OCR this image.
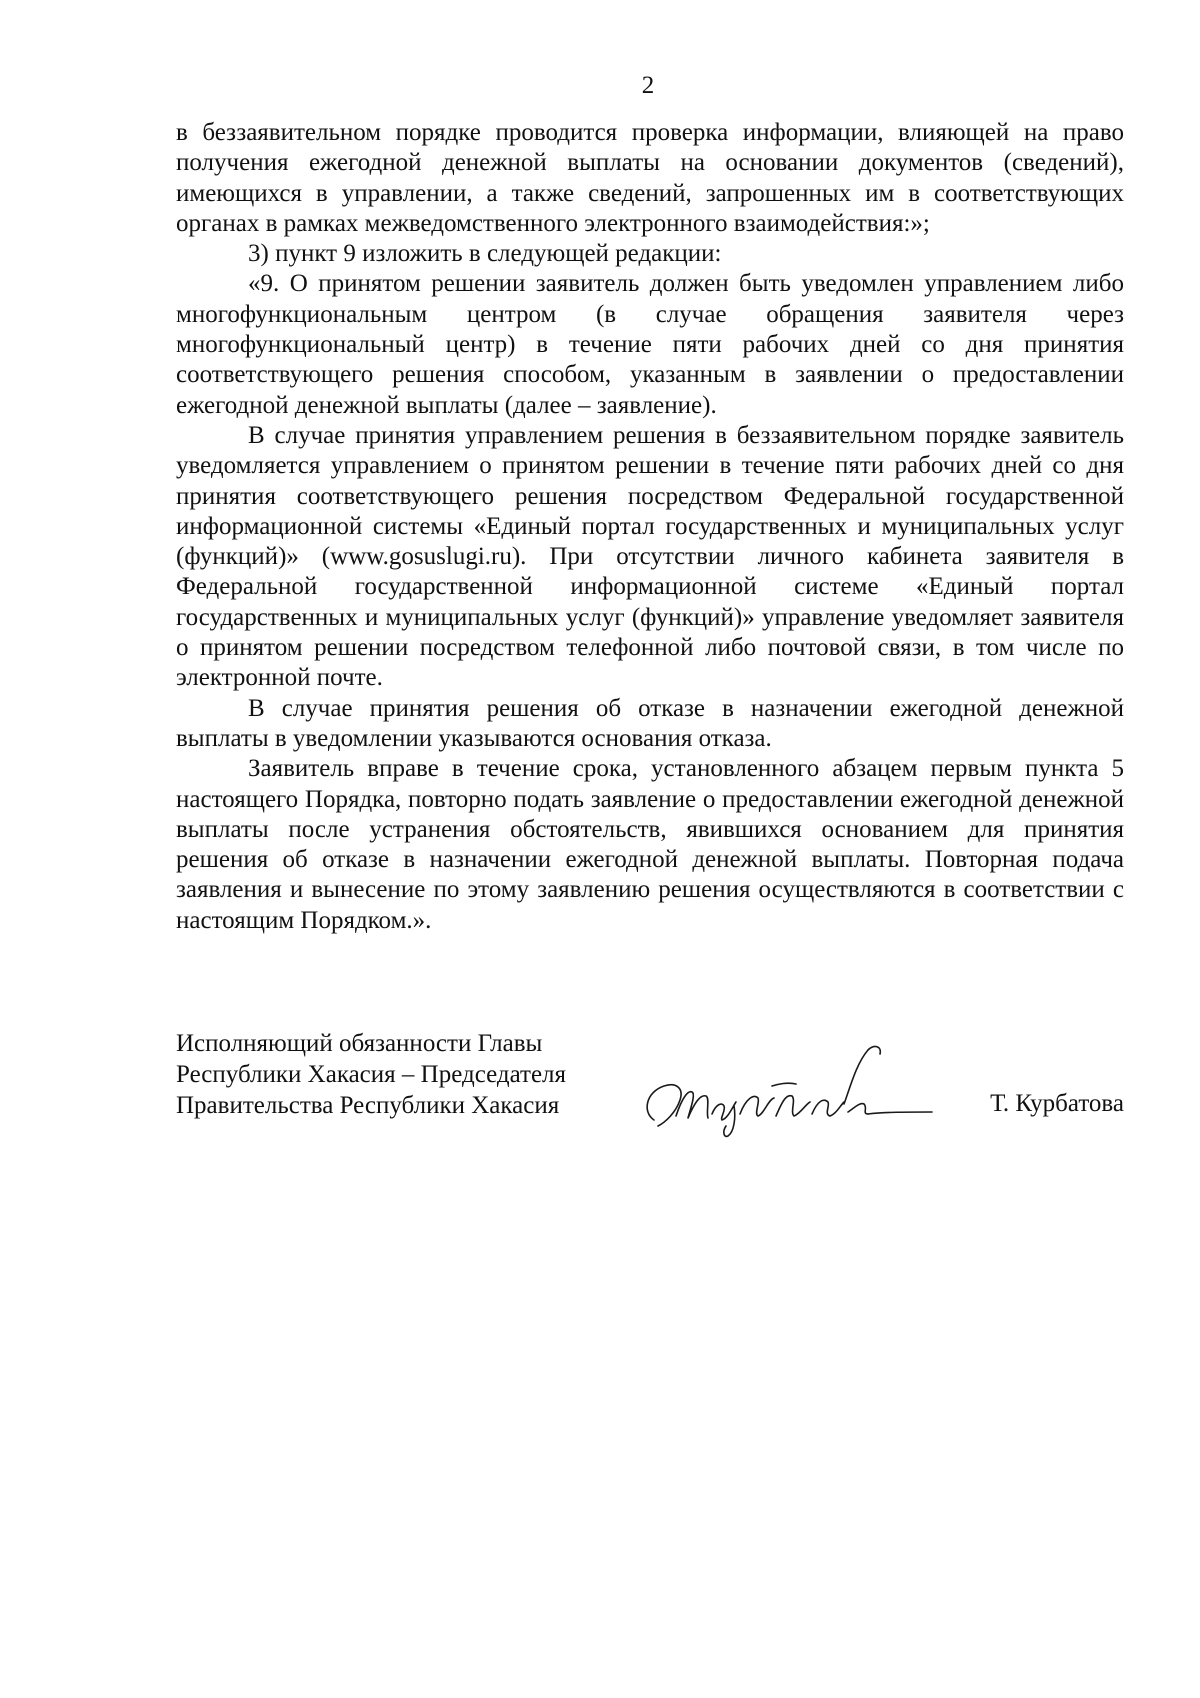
2

в беззаявительном порядке проводится проверка информации, влияющей на право получения ежегодной денежной выплаты на основании документов (сведений), имеющихся в управлении, а также сведений, запрошенных им в соответствующих органах в рамках межведомственного электронного взаимодействия:»;

3) пункт 9 изложить в следующей редакции:

«9. О принятом решении заявитель должен быть уведомлен управлением либо многофункциональным центром (в случае обращения заявителя через многофункциональный центр) в течение пяти рабочих дней со дня принятия соответствующего решения способом, указанным в заявлении о предоставлении ежегодной денежной выплаты (далее – заявление).

В случае принятия управлением решения в беззаявительном порядке заявитель уведомляется управлением о принятом решении в течение пяти рабочих дней со дня принятия соответствующего решения посредством Федеральной государственной информационной системы «Единый портал государственных и муниципальных услуг (функций)» (www.gosuslugi.ru). При отсутствии личного кабинета заявителя в Федеральной государственной информационной системе «Единый портал государственных и муниципальных услуг (функций)» управление уведомляет заявителя о принятом решении посредством телефонной либо почтовой связи, в том числе по электронной почте.

В случае принятия решения об отказе в назначении ежегодной денежной выплаты в уведомлении указываются основания отказа.

Заявитель вправе в течение срока, установленного абзацем первым пункта 5 настоящего Порядка, повторно подать заявление о предоставлении ежегодной денежной выплаты после устранения обстоятельств, явившихся основанием для принятия решения об отказе в назначении ежегодной денежной выплаты. Повторная подача заявления и вынесение по этому заявлению решения осуществляются в соответствии с настоящим Порядком.».

Исполняющий обязанности Главы
Республики Хакасия – Председателя
Правительства Республики Хакасия	Т. Курбатова
